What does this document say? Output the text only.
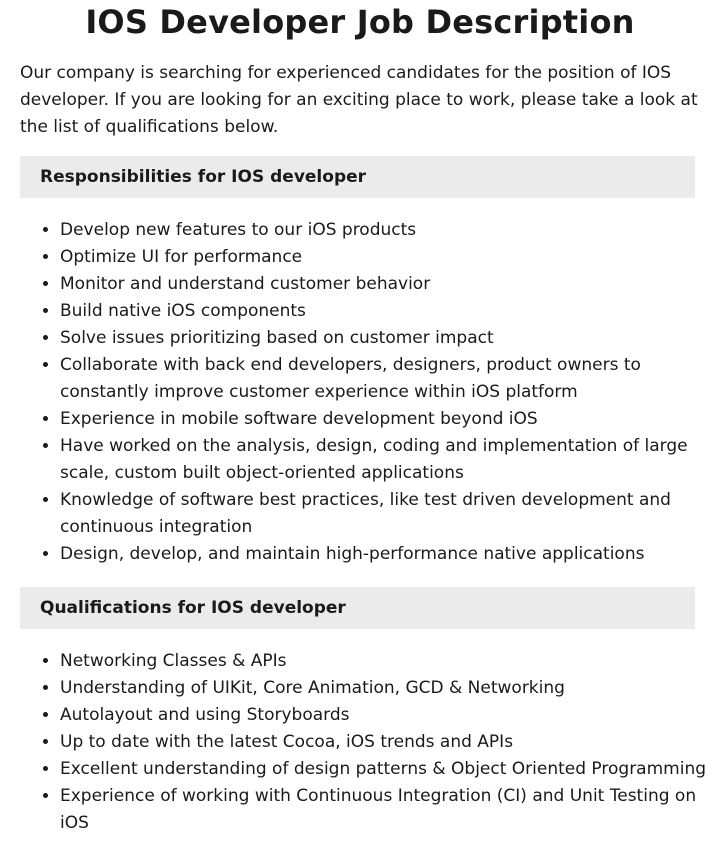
IOS Developer Job Description

Our company is searching for experienced candidates for the position of IOS developer. If you are looking for an exciting place to work, please take a look at the list of qualifications below.

Responsibilities for IOS developer
• Develop new features to our iOS products
• Optimize UI for performance
• Monitor and understand customer behavior
• Build native iOS components
• Solve issues prioritizing based on customer impact
• Collaborate with back end developers, designers, product owners to constantly improve customer experience within iOS platform
• Experience in mobile software development beyond iOS
• Have worked on the analysis, design, coding and implementation of large scale, custom built object-oriented applications
• Knowledge of software best practices, like test driven development and continuous integration
• Design, develop, and maintain high-performance native applications
Qualifications for IOS developer
• Networking Classes & APIs
• Understanding of UIKit, Core Animation, GCD & Networking
• Autolayout and using Storyboards
• Up to date with the latest Cocoa, iOS trends and APIs
• Excellent understanding of design patterns & Object Oriented Programming
• Experience of working with Continuous Integration (CI) and Unit Testing on iOS
